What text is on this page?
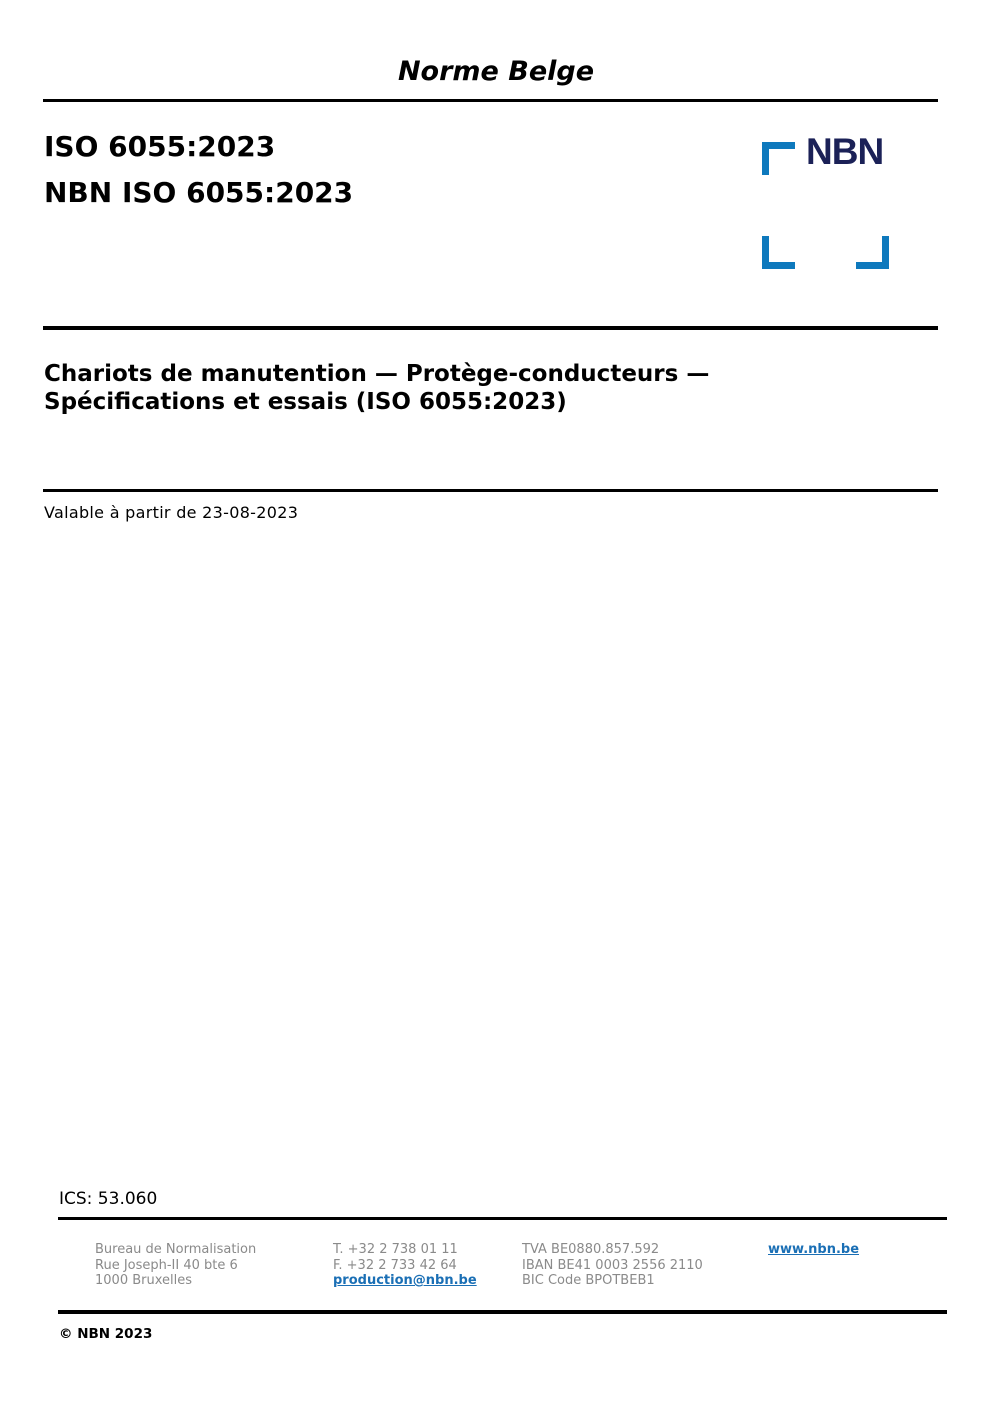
Norme Belge
ISO 6055:2023
NBN ISO 6055:2023
NBN
Chariots de manutention — Protège-conducteurs —
Spécifications et essais (ISO 6055:2023)
Valable à partir de 23-08-2023
ICS: 53.060
Bureau de Normalisation
Rue Joseph-II 40 bte 6
1000 Bruxelles
T. +32 2 738 01 11
F. +32 2 733 42 64
production@nbn.be
TVA BE0880.857.592
IBAN BE41 0003 2556 2110
BIC Code BPOTBEB1
www.nbn.be
© NBN 2023
